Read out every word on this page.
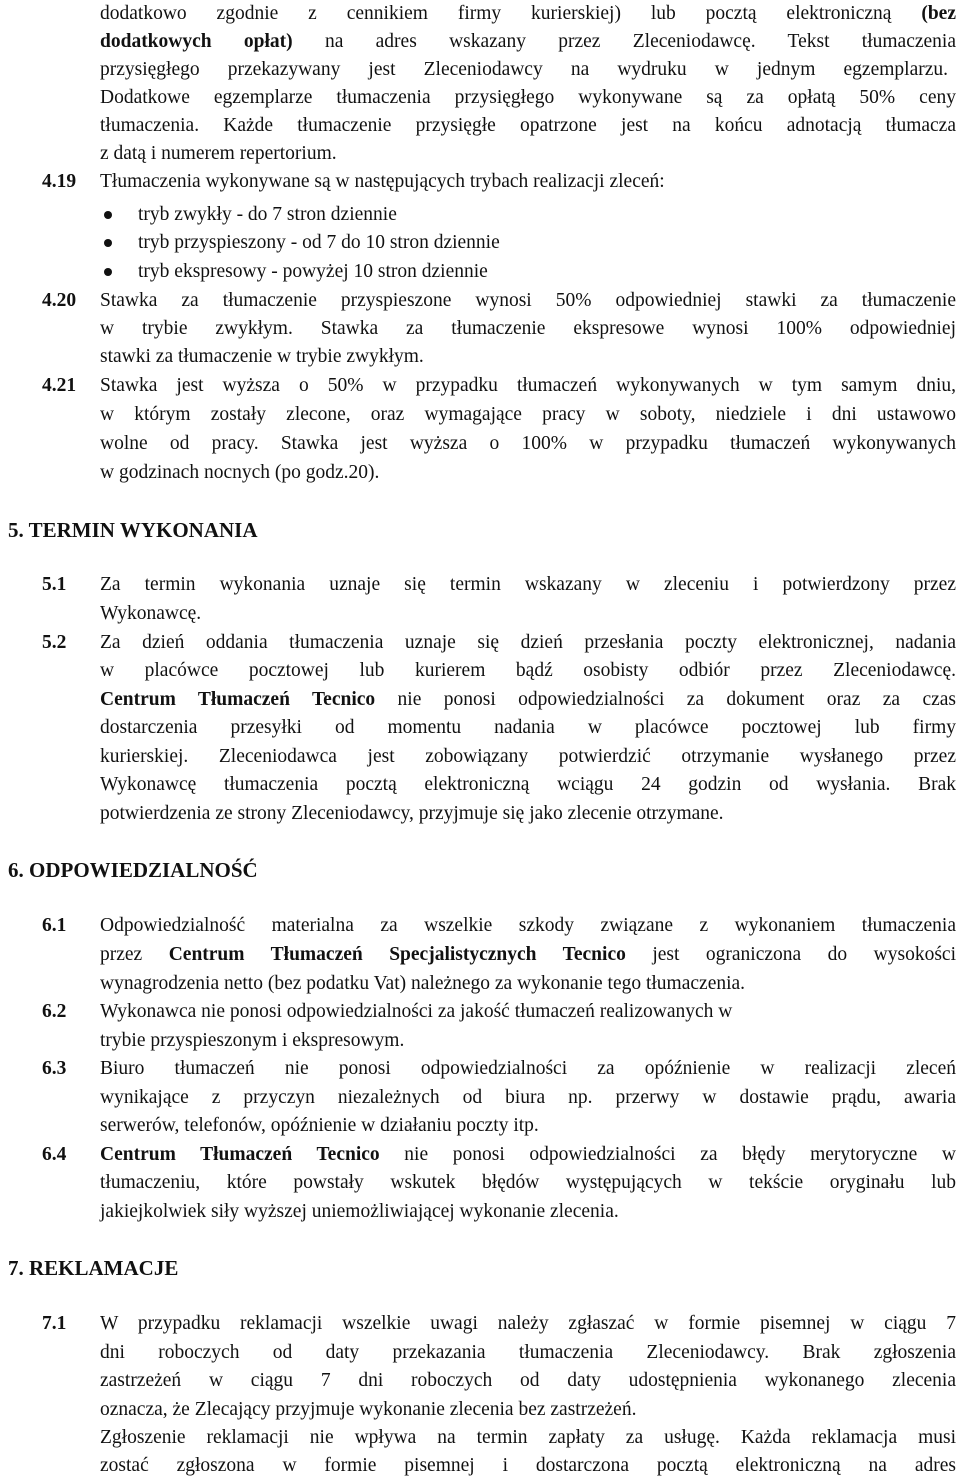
dodatkowo zgodnie z cennikiem firmy kurierskiej) lub pocztą elektroniczną (bez
dodatkowych opłat) na adres wskazany przez Zleceniodawcę. Tekst tłumaczenia
przysięgłego przekazywany jest Zleceniodawcy na wydruku w jednym egzemplarzu.
Dodatkowe egzemplarze tłumaczenia przysięgłego wykonywane są za opłatą 50% ceny
tłumaczenia. Każde tłumaczenie przysięgłe opatrzone jest na końcu adnotacją tłumacza
z datą i numerem repertorium.
4.19 Tłumaczenia wykonywane są w następujących trybach realizacji zleceń:
tryb zwykły - do 7 stron dziennie
tryb przyspieszony - od 7 do 10 stron dziennie
tryb ekspresowy - powyżej 10 stron dziennie
4.20 Stawka za tłumaczenie przyspieszone wynosi 50% odpowiedniej stawki za tłumaczenie
w trybie zwykłym. Stawka za tłumaczenie ekspresowe wynosi 100% odpowiedniej
stawki za tłumaczenie w trybie zwykłym.
4.21 Stawka jest wyższa o 50% w przypadku tłumaczeń wykonywanych w tym samym dniu,
w którym zostały zlecone, oraz wymagające pracy w soboty, niedziele i dni ustawowo
wolne od pracy. Stawka jest wyższa o 100% w przypadku tłumaczeń wykonywanych
w godzinach nocnych (po godz.20).
5. TERMIN WYKONANIA
5.1 Za termin wykonania uznaje się termin wskazany w zleceniu i potwierdzony przez
Wykonawcę.
5.2 Za dzień oddania tłumaczenia uznaje się dzień przesłania poczty elektronicznej, nadania
w placówce pocztowej lub kurierem bądź osobisty odbiór przez Zleceniodawcę.
Centrum Tłumaczeń Tecnico nie ponosi odpowiedzialności za dokument oraz za czas
dostarczenia przesyłki od momentu nadania w placówce pocztowej lub firmy
kurierskiej. Zleceniodawca jest zobowiązany potwierdzić otrzymanie wysłanego przez
Wykonawcę tłumaczenia pocztą elektroniczną wciągu 24 godzin od wysłania. Brak
potwierdzenia ze strony Zleceniodawcy, przyjmuje się jako zlecenie otrzymane.
6. ODPOWIEDZIALNOŚĆ
6.1 Odpowiedzialność materialna za wszelkie szkody związane z wykonaniem tłumaczenia
przez Centrum Tłumaczeń Specjalistycznych Tecnico jest ograniczona do wysokości
wynagrodzenia netto (bez podatku Vat) należnego za wykonanie tego tłumaczenia.
6.2 Wykonawca nie ponosi odpowiedzialności za jakość tłumaczeń realizowanych w
trybie przyspieszonym i ekspresowym.
6.3 Biuro tłumaczeń nie ponosi odpowiedzialności za opóźnienie w realizacji zleceń
wynikające z przyczyn niezależnych od biura np. przerwy w dostawie prądu, awaria
serwerów, telefonów, opóźnienie w działaniu poczty itp.
6.4 Centrum Tłumaczeń Tecnico nie ponosi odpowiedzialności za błędy merytoryczne w
tłumaczeniu, które powstały wskutek błędów występujących w tekście oryginału lub
jakiejkolwiek siły wyższej uniemożliwiającej wykonanie zlecenia.
7. REKLAMACJE
7.1 W przypadku reklamacji wszelkie uwagi należy zgłaszać w formie pisemnej w ciągu 7
dni roboczych od daty przekazania tłumaczenia Zleceniodawcy. Brak zgłoszenia
zastrzeżeń w ciągu 7 dni roboczych od daty udostępnienia wykonanego zlecenia
oznacza, że Zlecający przyjmuje wykonanie zlecenia bez zastrzeżeń.
Zgłoszenie reklamacji nie wpływa na termin zapłaty za usługę. Każda reklamacja musi
zostać zgłoszona w formie pisemnej i dostarczona pocztą elektroniczną na adres
